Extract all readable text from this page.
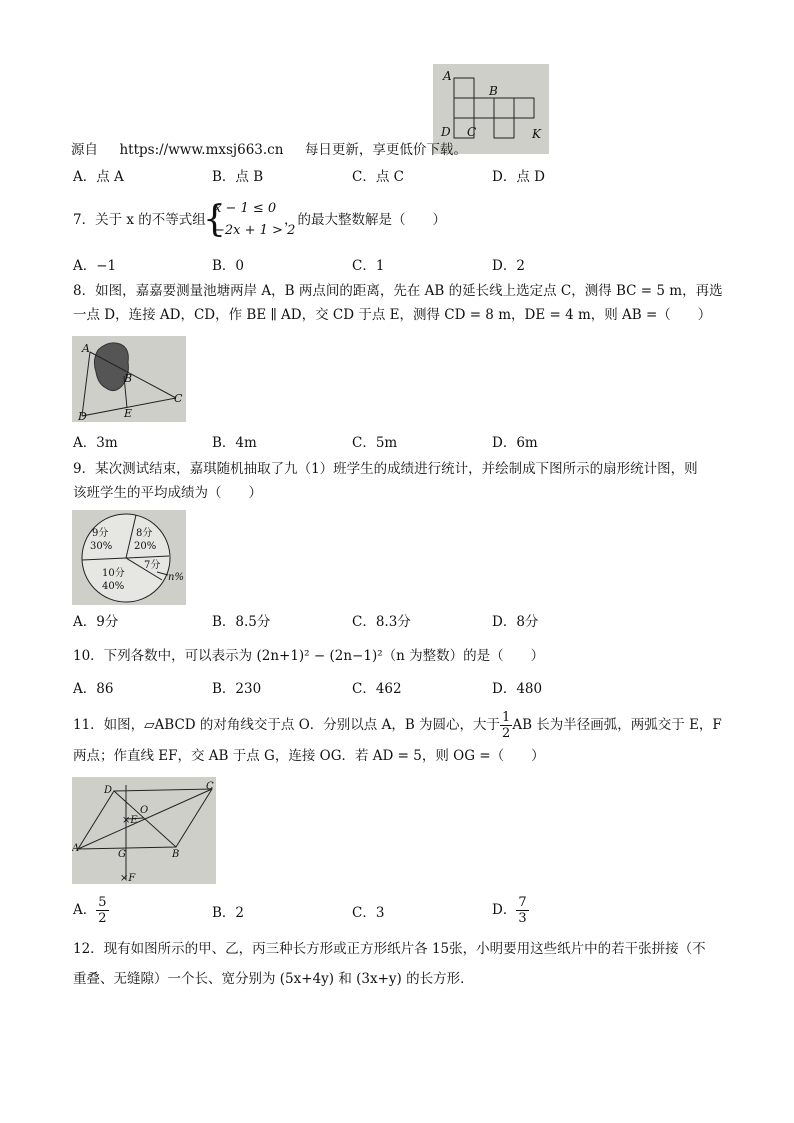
A
B
D C	K
源自 https://www.mxsj663.cn 每日更新，享更低价下载。
A．点 A	B．点 B	C．点 C	D．点 D
7．关于 x 的不等式组
{
x − 1 ≤ 0
−2x + 1 > 2
，的最大整数解是（　　）
A．−1	B．0	C．1	D．2
8．如图，嘉嘉要测量池塘两岸 A，B 两点间的距离，先在 AB 的延长线上选定点 C，测得 BC = 5 m，再选
一点 D，连接 AD，CD，作 BE ∥ AD，交 CD 于点 E，测得 CD = 8 m，DE = 4 m，则 AB =（　　）
A
B
C
D	E
A．3m	B．4m	C．5m	D．6m
9．某次测试结束，嘉琪随机抽取了九（1）班学生的成绩进行统计，并绘制成下图所示的扇形统计图，则
该班学生的平均成绩为（　　）
9分
30%
8分
20%
7分
n%
10分
40%
A．9分	B．8.5分	C．8.3分	D．8分
10．下列各数中，可以表示为 (2n+1)² − (2n−1)²（n 为整数）的是（　　）
A．86	B．230	C．462	D．480
11．如图，▱ABCD 的对角线交于点 O．分别以点 A，B 为圆心，大于 $\frac{1}{2}$ AB 长为半径画弧，两弧交于 E，F
两点；作直线 EF，交 AB 于点 G，连接 OG．若 AD = 5，则 OG =（　　）
D	C
O
×E
A
G	B
×F
A． $\frac{5}{2}$	B．2	C．3	D． $\frac{7}{3}$
12．现有如图所示的甲、乙，丙三种长方形或正方形纸片各 15张，小明要用这些纸片中的若干张拼接（不
重叠、无缝隙）一个长、宽分别为 (5x+4y) 和 (3x+y) 的长方形．
